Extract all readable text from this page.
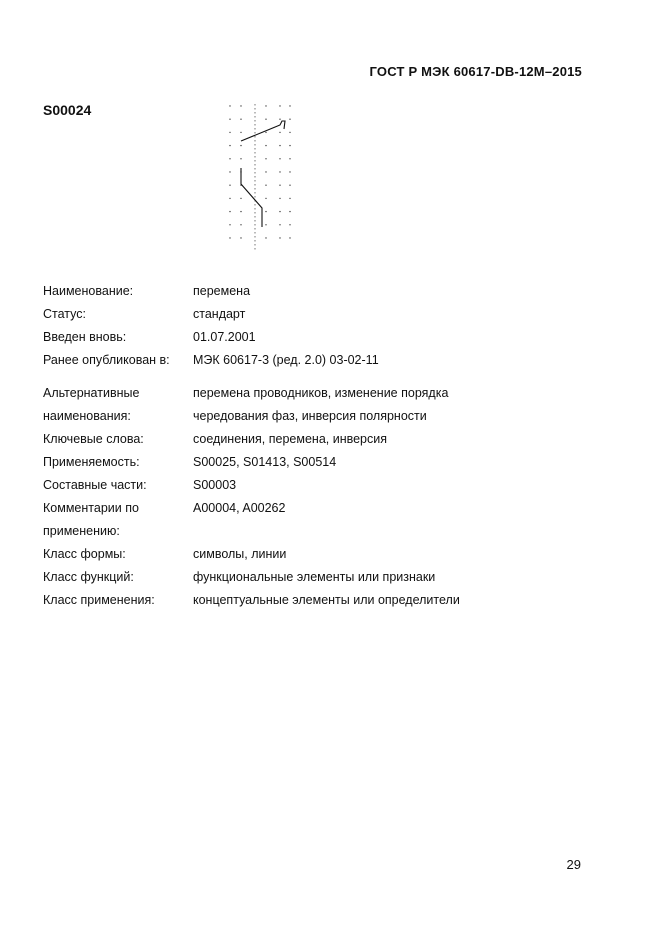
ГОСТ Р МЭК 60617-DB-12M–2015
S00024
Наименование:	перемена
Статус:	стандарт
Введен вновь:	01.07.2001
Ранее опубликован в:	МЭК 60617-3 (ред. 2.0) 03-02-11
Альтернативные
наименования:
перемена проводников, изменение порядка
чередования фаз, инверсия полярности
Ключевые слова:	соединения, перемена, инверсия
Применяемость:	S00025, S01413, S00514
Составные части:	S00003
Комментарии по
применению:
A00004, A00262
Класс формы:	символы, линии
Класс функций:	функциональные элементы или признаки
Класс применения:	концептуальные элементы или определители
29
